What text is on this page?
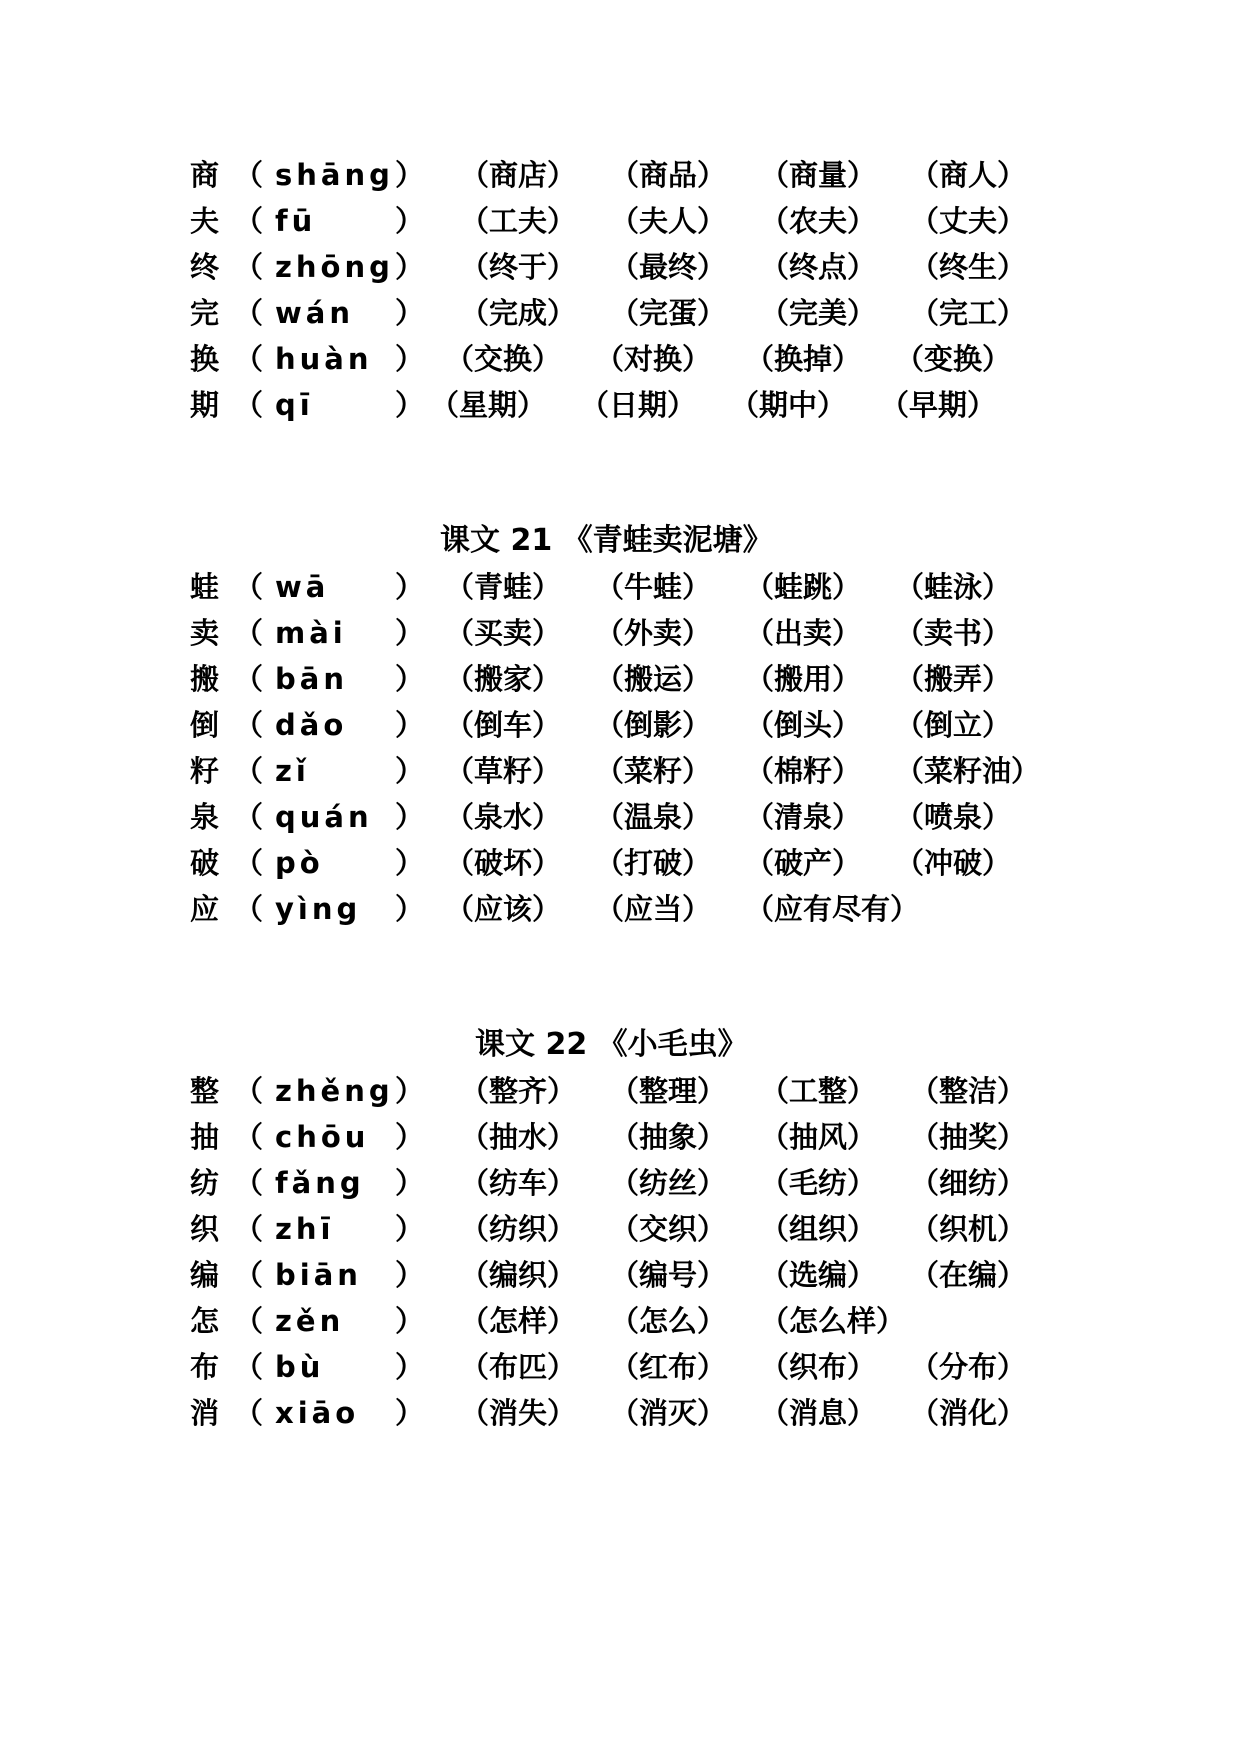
商 （ shāng） （商店） （商品） （商量） （商人）
夫 （ fū	） （工夫） （夫人） （农夫） （丈夫）
终 （ zhōng） （终于） （最终） （终点） （终生）
完 （ wán ） （完成） （完蛋） （完美） （完工）
换 （ huàn ） （交换） （对换） （换掉） （变换）
期 （ qī	） （星期） （日期） （期中） （早期）
课文 21 《青蛙卖泥塘》
蛙 （ wā ） （青蛙） （牛蛙） （蛙跳） （蛙泳）
卖 （ mài ） （买卖） （外卖） （出卖） （卖书）
搬 （ bān ） （搬家） （搬运） （搬用） （搬弄）
倒 （ dǎo ） （倒车） （倒影） （倒头） （倒立）
籽 （ zǐ	） （草籽） （菜籽） （棉籽） （菜籽油）
泉 （ quán ） （泉水） （温泉） （清泉） （喷泉）
破 （ pò ） （破坏） （打破） （破产） （冲破）
应 （ yìng ） （应该） （应当） （应有尽有）
课文 22 《小毛虫》
整 （ zhěng） （整齐） （整理） （工整） （整洁）
抽 （ chōu ） （抽水） （抽象） （抽风） （抽奖）
纺 （ fǎng ） （纺车） （纺丝） （毛纺） （细纺）
织 （ zhī ） （纺织） （交织） （组织） （织机）
编 （ biān ） （编织） （编号） （选编） （在编）
怎 （ zěn ） （怎样） （怎么） （怎么样）
布 （ bù ） （布匹） （红布） （织布） （分布）
消 （ xiāo ） （消失） （消灭） （消息） （消化）
